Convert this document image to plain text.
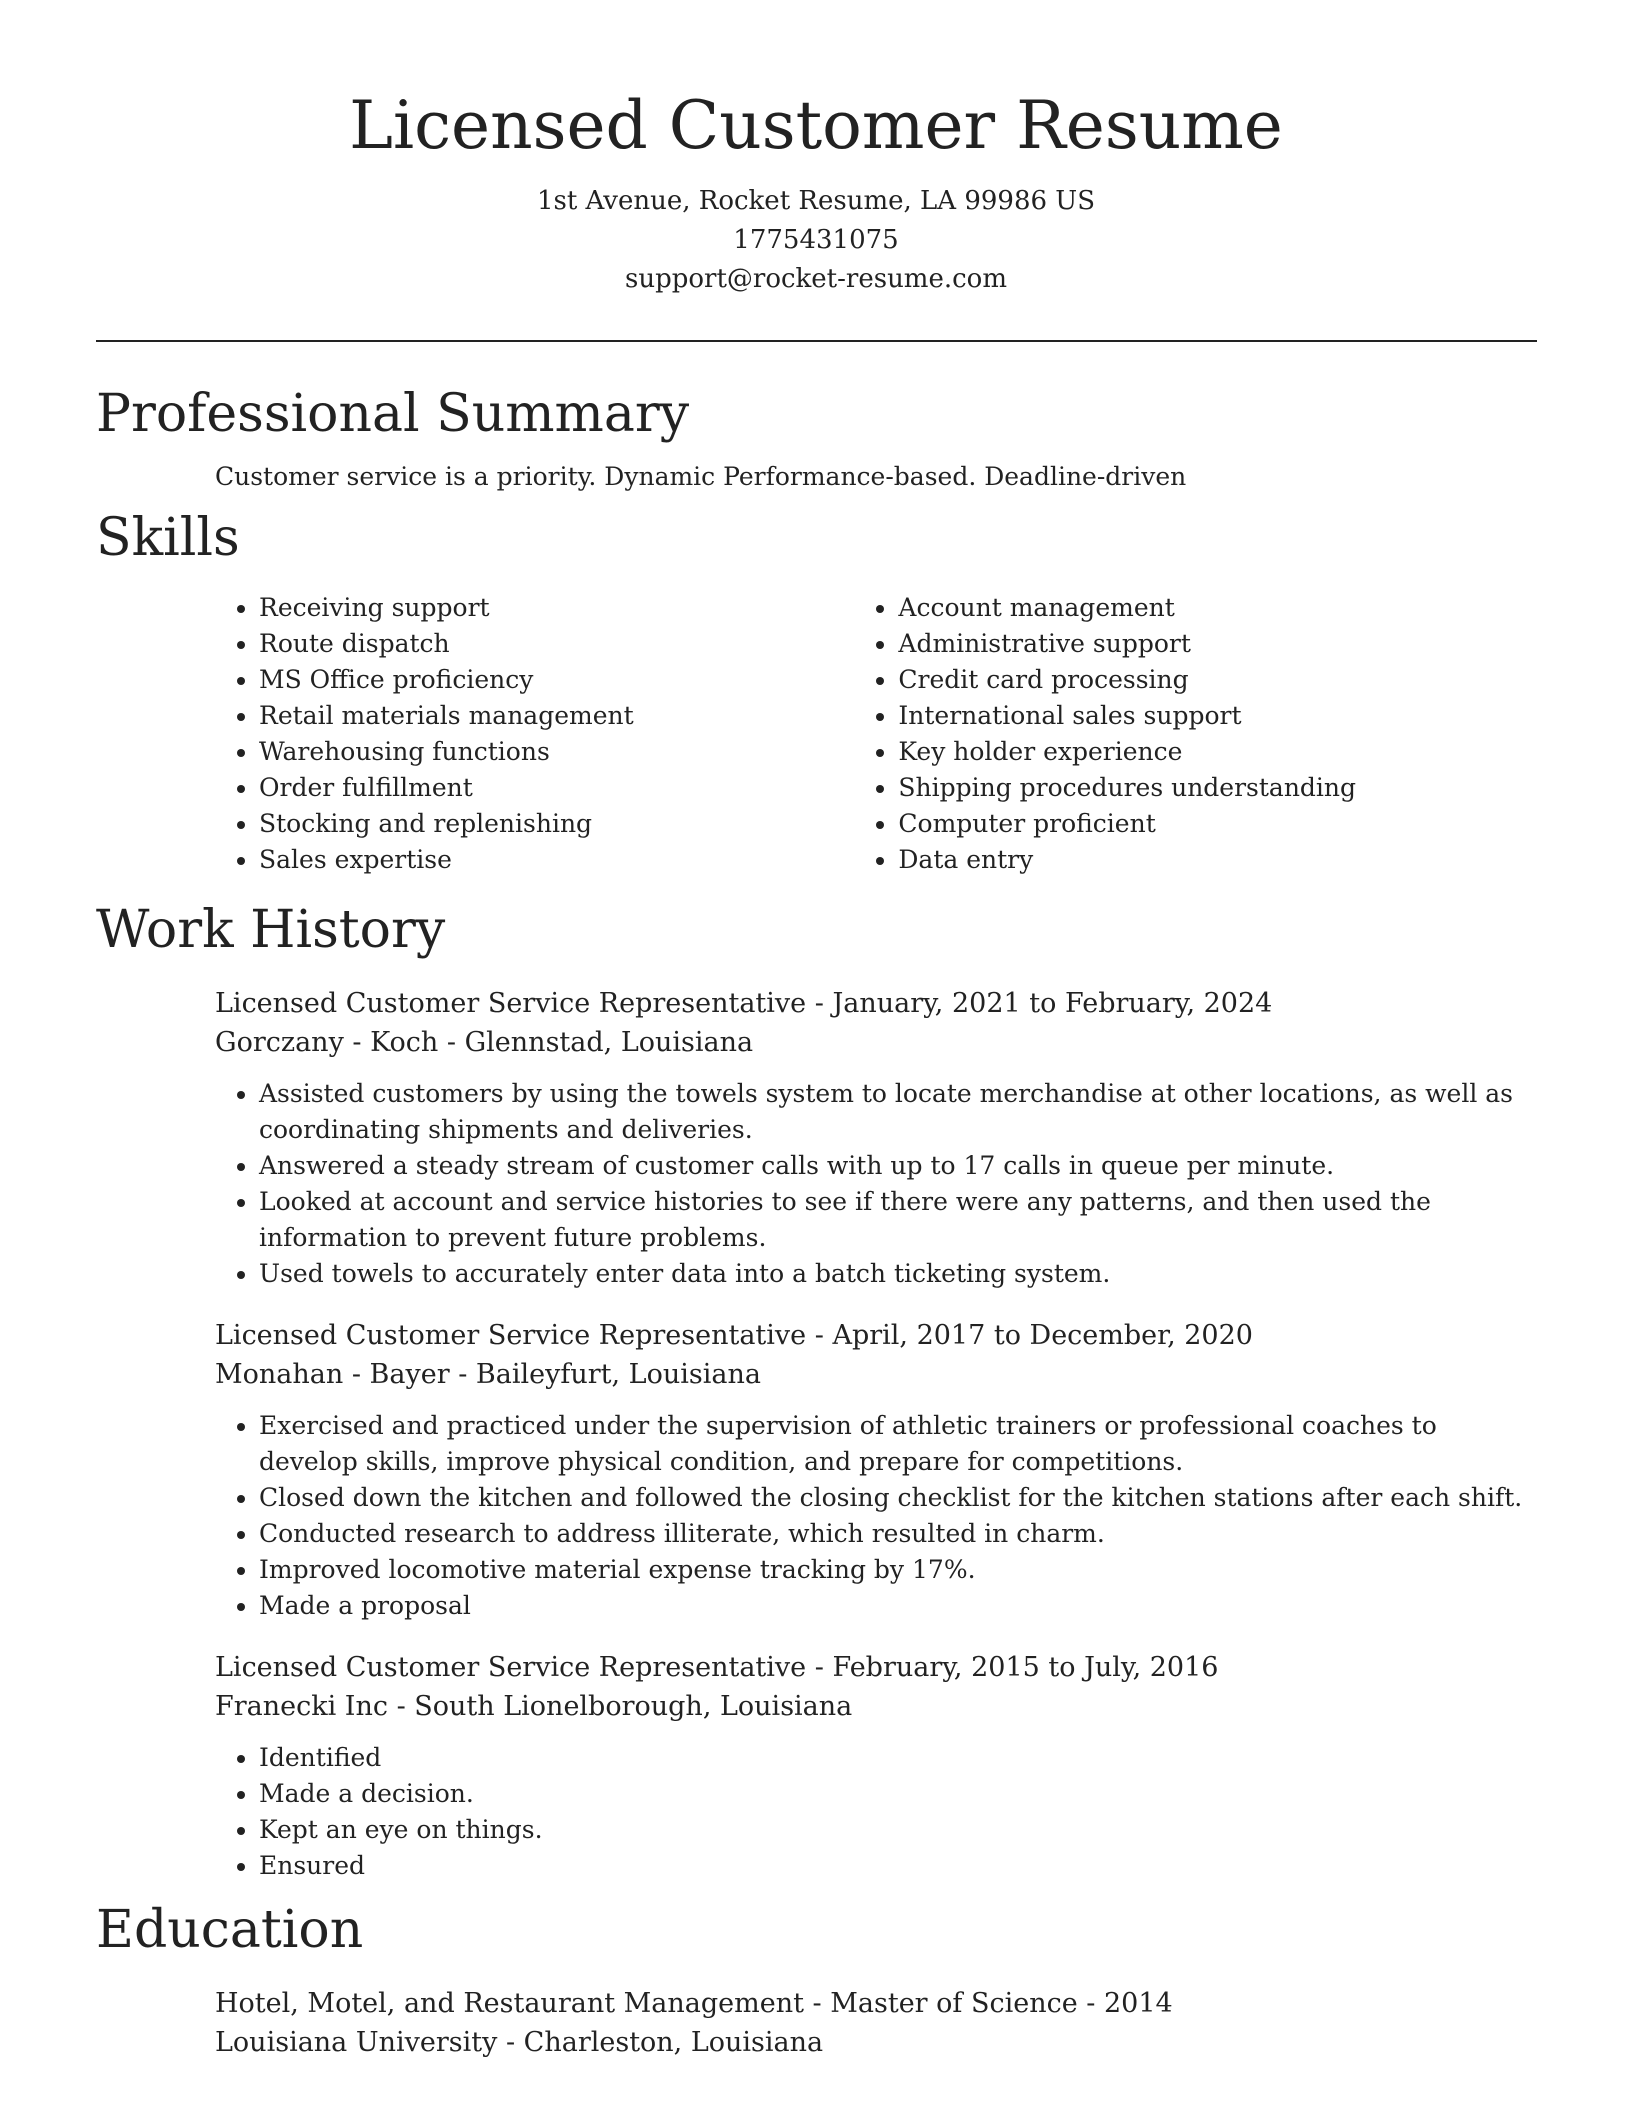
Licensed Customer Resume
1st Avenue, Rocket Resume, LA 99986 US
1775431075
support@rocket-resume.com
Professional Summary

Customer service is a priority. Dynamic Performance-based. Deadline-driven

Skills
• Receiving support
• Route dispatch
• MS Office proficiency
• Retail materials management
• Warehousing functions
• Order fulfillment
• Stocking and replenishing
• Sales expertise
• Account management
• Administrative support
• Credit card processing
• International sales support
• Key holder experience
• Shipping procedures understanding
• Computer proficient
• Data entry
Work History
Licensed Customer Service Representative - January, 2021 to February, 2024
Gorczany - Koch - Glennstad, Louisiana
• Assisted customers by using the towels system to locate merchandise at other locations, as well as coordinating shipments and deliveries.
• Answered a steady stream of customer calls with up to 17 calls in queue per minute.
• Looked at account and service histories to see if there were any patterns, and then used the information to prevent future problems.
• Used towels to accurately enter data into a batch ticketing system.
Licensed Customer Service Representative - April, 2017 to December, 2020
Monahan - Bayer - Baileyfurt, Louisiana
• Exercised and practiced under the supervision of athletic trainers or professional coaches to develop skills, improve physical condition, and prepare for competitions.
• Closed down the kitchen and followed the closing checklist for the kitchen stations after each shift.
• Conducted research to address illiterate, which resulted in charm.
• Improved locomotive material expense tracking by 17%.
• Made a proposal
Licensed Customer Service Representative - February, 2015 to July, 2016
Franecki Inc - South Lionelborough, Louisiana
• Identified
• Made a decision.
• Kept an eye on things.
• Ensured
Education
Hotel, Motel, and Restaurant Management - Master of Science - 2014
Louisiana University - Charleston, Louisiana
